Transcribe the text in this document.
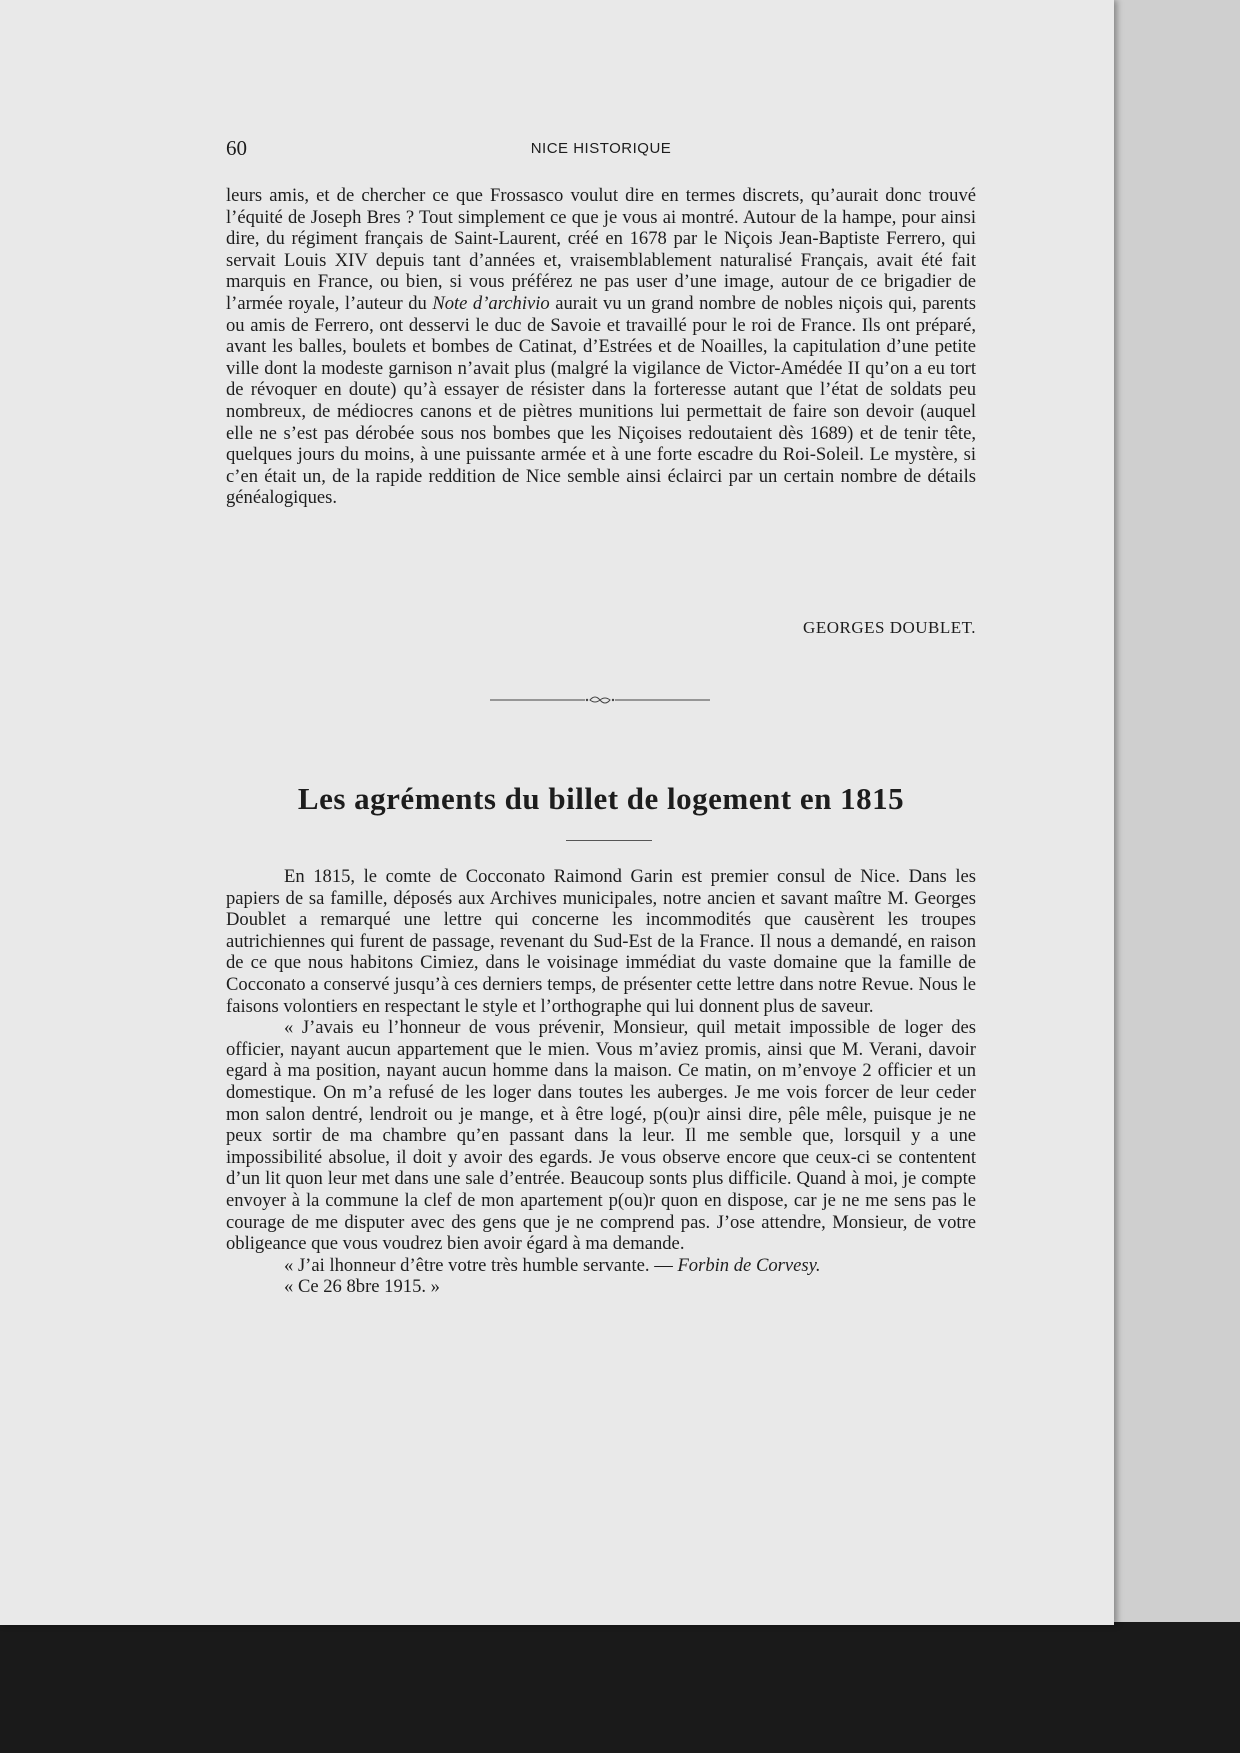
60	NICE HISTORIQUE

leurs amis, et de chercher ce que Frossasco voulut dire en termes discrets, qu’aurait donc trouvé l’équité de Joseph Bres ? Tout simplement ce que je vous ai montré. Autour de la hampe, pour ainsi dire, du régiment français de Saint-Laurent, créé en 1678 par le Niçois Jean-Baptiste Ferrero, qui servait Louis XIV depuis tant d’années et, vraisemblablement naturalisé Français, avait été fait marquis en France, ou bien, si vous préférez ne pas user d’une image, autour de ce brigadier de l’armée royale, l’auteur du Note d’archivio aurait vu un grand nombre de nobles niçois qui, parents ou amis de Ferrero, ont desservi le duc de Savoie et travaillé pour le roi de France. Ils ont préparé, avant les balles, boulets et bombes de Catinat, d’Estrées et de Noailles, la capitulation d’une petite ville dont la modeste garnison n’avait plus (malgré la vigilance de Victor-Amédée II qu’on a eu tort de révoquer en doute) qu’à essayer de résister dans la forteresse autant que l’état de soldats peu nombreux, de médiocres canons et de piètres munitions lui permettait de faire son devoir (auquel elle ne s’est pas dérobée sous nos bombes que les Niçoises redoutaient dès 1689) et de tenir tête, quelques jours du moins, à une puissante armée et à une forte escadre du Roi-Soleil. Le mystère, si c’en était un, de la rapide reddition de Nice semble ainsi éclairci par un certain nombre de détails généalogiques.

GEORGES DOUBLET.
Les agréments du billet de logement en 1815

En 1815, le comte de Cocconato Raimond Garin est premier consul de Nice. Dans les papiers de sa famille, déposés aux Archives municipales, notre ancien et savant maître M. Georges Doublet a remarqué une lettre qui concerne les incommodités que causèrent les troupes autrichiennes qui furent de passage, revenant du Sud-Est de la France. Il nous a demandé, en raison de ce que nous habitons Cimiez, dans le voisinage immédiat du vaste domaine que la famille de Cocconato a conservé jusqu’à ces derniers temps, de présenter cette lettre dans notre Revue. Nous le faisons volontiers en respectant le style et l’orthographe qui lui donnent plus de saveur.

« J’avais eu l’honneur de vous prévenir, Monsieur, quil metait impossible de loger des officier, nayant aucun appartement que le mien. Vous m’aviez promis, ainsi que M. Verani, davoir egard à ma position, nayant aucun homme dans la maison. Ce matin, on m’envoye 2 officier et un domestique. On m’a refusé de les loger dans toutes les auberges. Je me vois forcer de leur ceder mon salon dentré, lendroit ou je mange, et à être logé, p(ou)r ainsi dire, pêle mêle, puisque je ne peux sortir de ma chambre qu’en passant dans la leur. Il me semble que, lorsquil y a une impossibilité absolue, il doit y avoir des egards. Je vous observe encore que ceux-ci se contentent d’un lit quon leur met dans une sale d’entrée. Beaucoup sonts plus difficile. Quand à moi, je compte envoyer à la commune la clef de mon apartement p(ou)r quon en dispose, car je ne me sens pas le courage de me disputer avec des gens que je ne comprend pas. J’ose attendre, Monsieur, de votre obligeance que vous voudrez bien avoir égard à ma demande.

« J’ai lhonneur d’être votre très humble servante. — Forbin de Corvesy.

« Ce 26 8bre 1915. »
